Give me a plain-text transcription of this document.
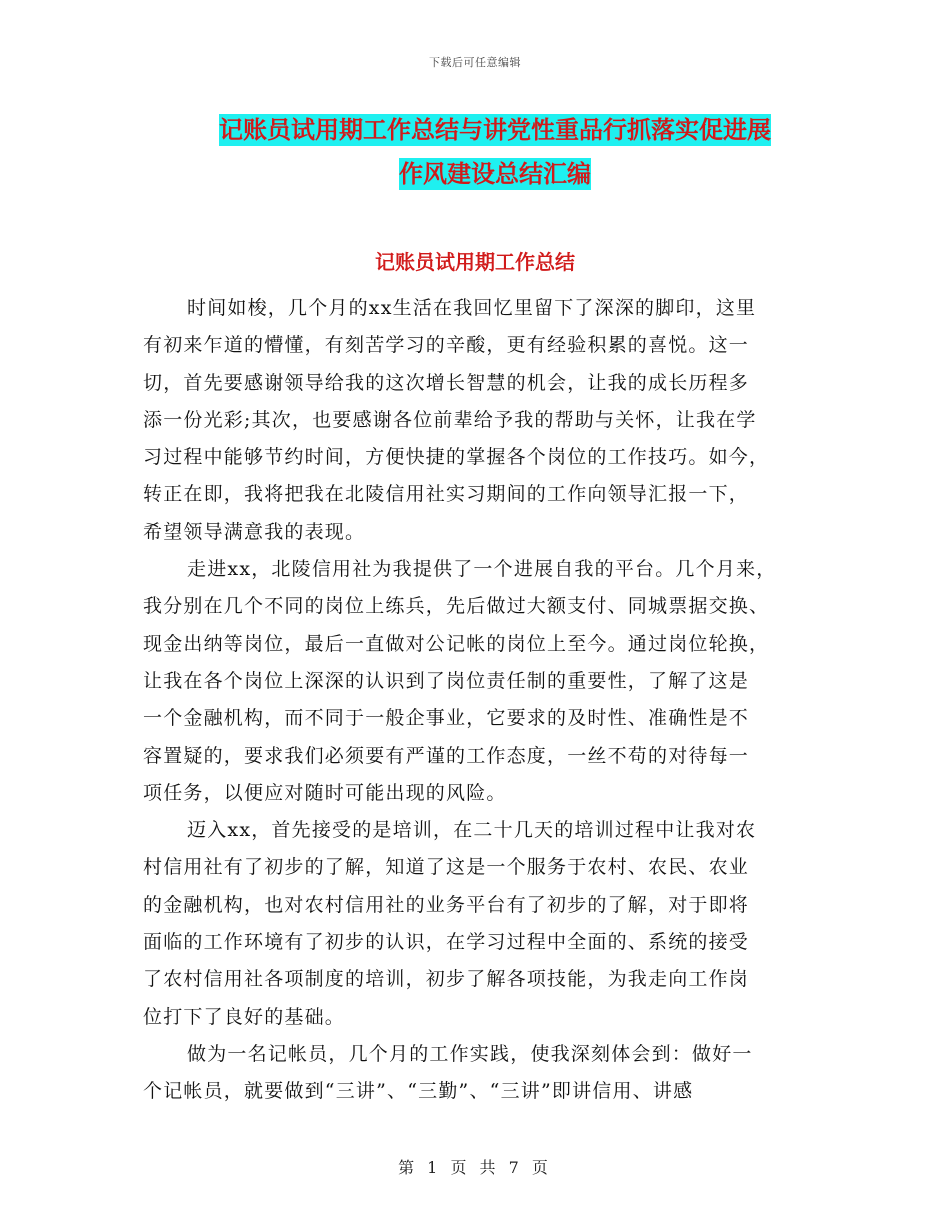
下载后可任意编辑
记账员试用期工作总结与讲党性重品行抓落实促进展
作风建设总结汇编
记账员试用期工作总结
时间如梭，几个月的xx生活在我回忆里留下了深深的脚印，这里
有初来乍道的懵懂，有刻苦学习的辛酸，更有经验积累的喜悦。这一
切，首先要感谢领导给我的这次增长智慧的机会，让我的成长历程多
添一份光彩;其次，也要感谢各位前辈给予我的帮助与关怀，让我在学
习过程中能够节约时间，方便快捷的掌握各个岗位的工作技巧。如今，
转正在即，我将把我在北陵信用社实习期间的工作向领导汇报一下，
希望领导满意我的表现。
走进xx，北陵信用社为我提供了一个进展自我的平台。几个月来，
我分别在几个不同的岗位上练兵，先后做过大额支付、同城票据交换、
现金出纳等岗位，最后一直做对公记帐的岗位上至今。通过岗位轮换，
让我在各个岗位上深深的认识到了岗位责任制的重要性，了解了这是
一个金融机构，而不同于一般企事业，它要求的及时性、准确性是不
容置疑的，要求我们必须要有严谨的工作态度，一丝不苟的对待每一
项任务，以便应对随时可能出现的风险。
迈入xx，首先接受的是培训，在二十几天的培训过程中让我对农
村信用社有了初步的了解，知道了这是一个服务于农村、农民、农业
的金融机构，也对农村信用社的业务平台有了初步的了解，对于即将
面临的工作环境有了初步的认识，在学习过程中全面的、系统的接受
了农村信用社各项制度的培训，初步了解各项技能，为我走向工作岗
位打下了良好的基础。
做为一名记帐员，几个月的工作实践，使我深刻体会到：做好一
个记帐员，就要做到“三讲”、“三勤”、“三讲”即讲信用、讲感
第 1 页 共 7 页
